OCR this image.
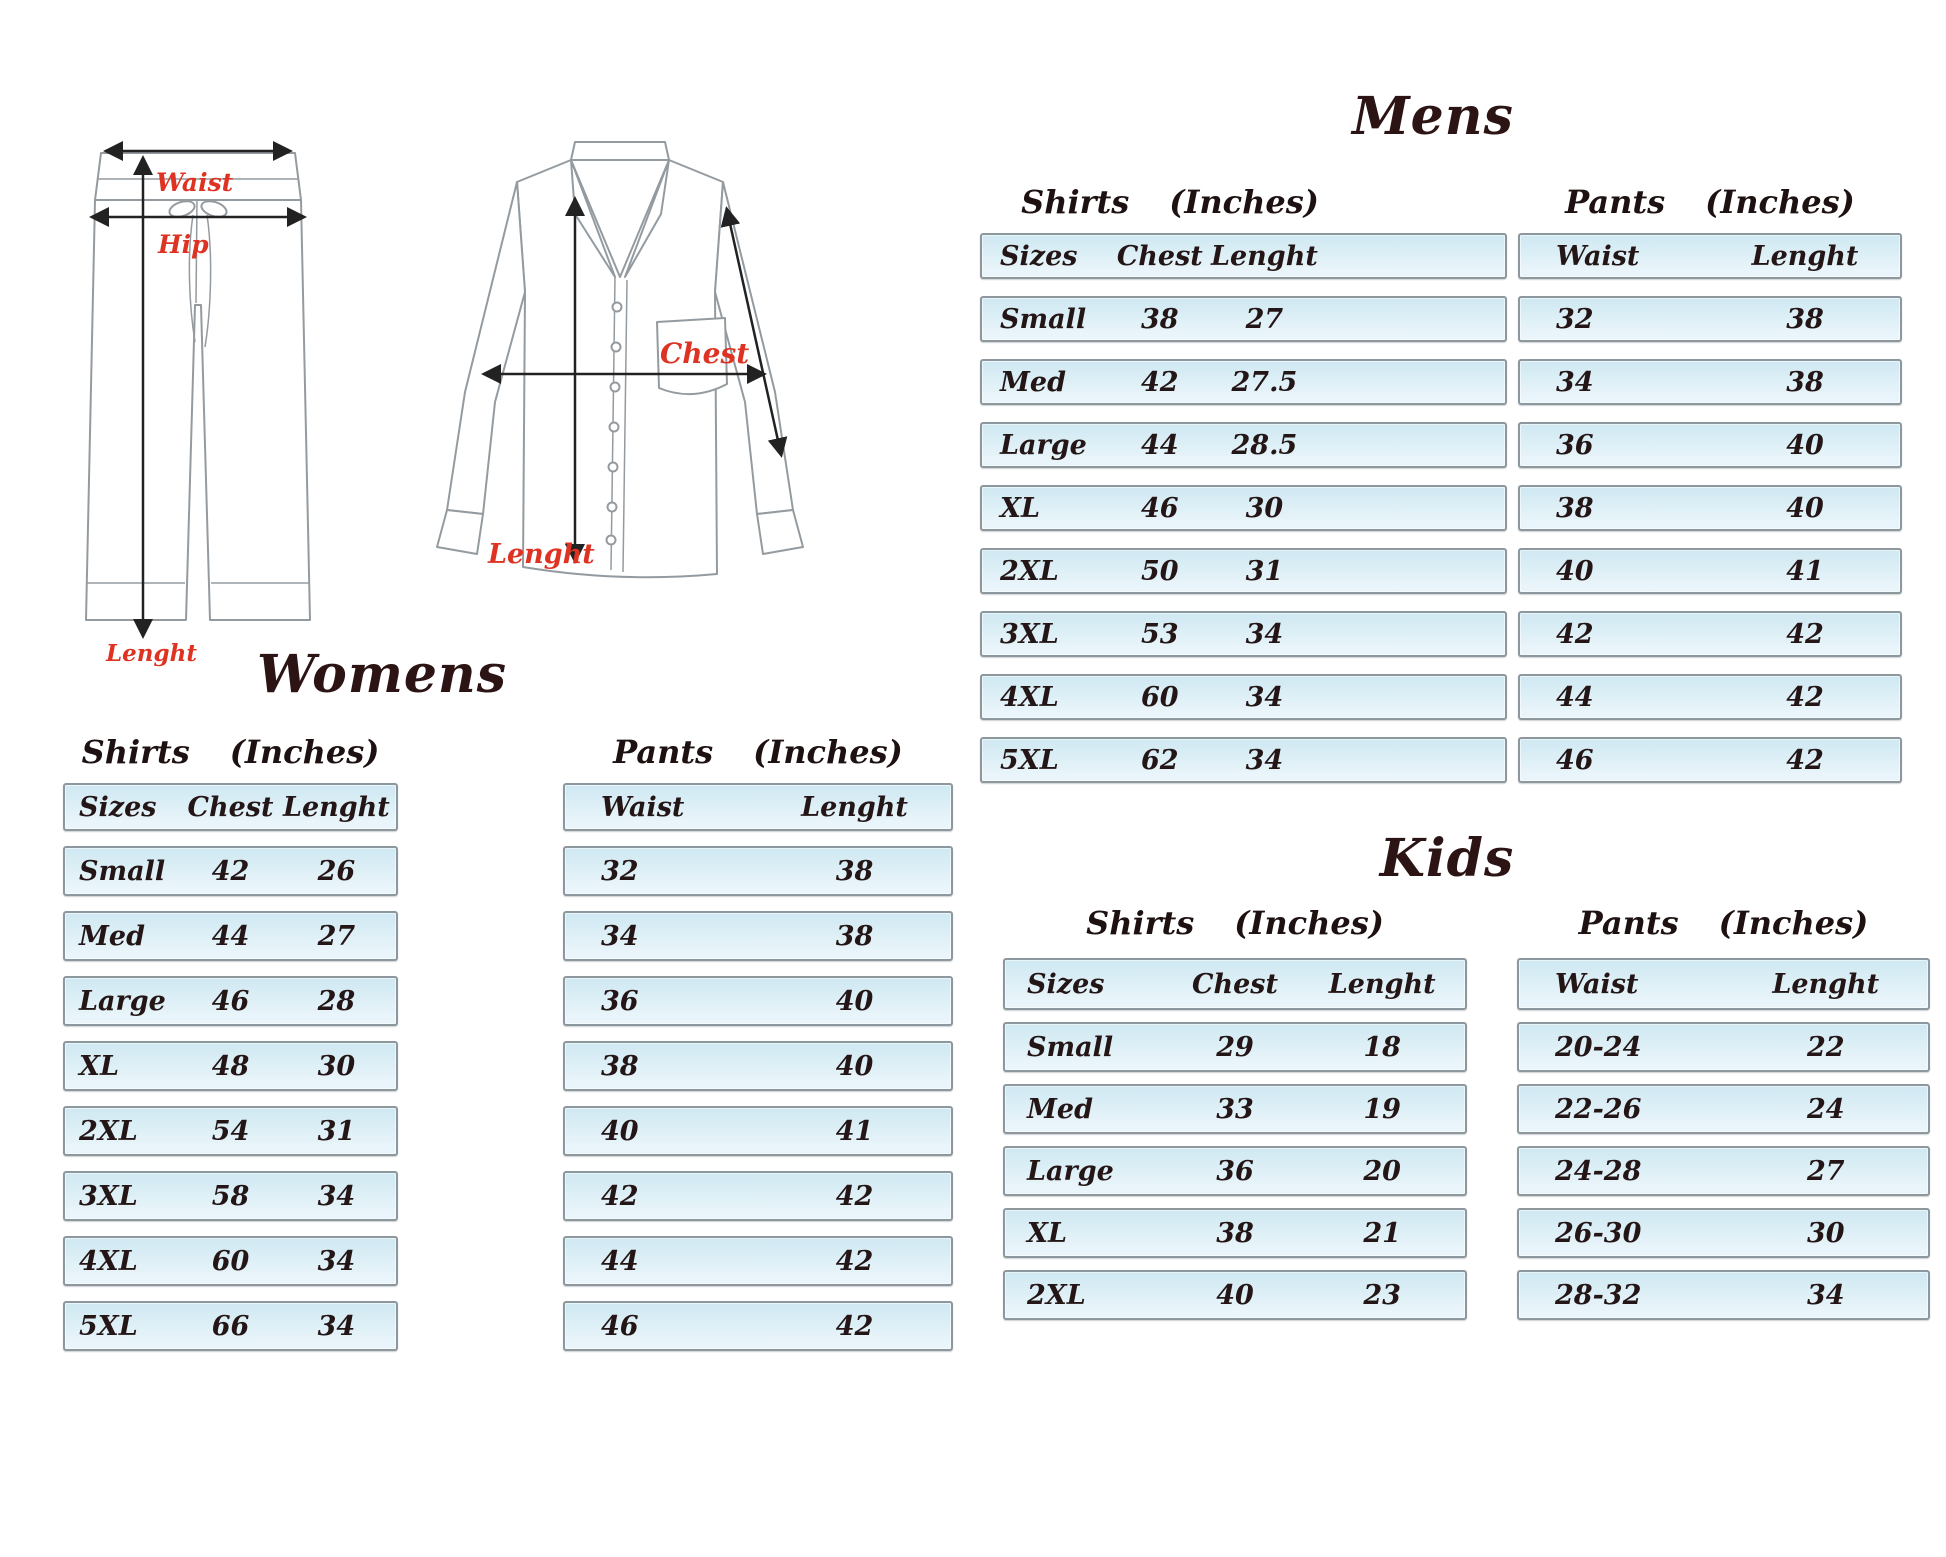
Waist
Hip
Lenght
Chest
Lenght
Mens
Womens
Kids
Shirts (Inches)	Pants (Inches)
Shirts (Inches)	Pants (Inches)
Shirts (Inches)	Pants (Inches)
Sizes Chest Lenght
Small 38 27
Med	42 27.5
Large 44 28.5
XL	46 30
2XL	50 31
3XL	53 34
4XL	60 34
5XL	62 34
Waist	Lenght
32	38
34	38
36	40
38	40
40	41
42	42
44	42
46	42
Sizes Chest Lenght
Small 42	26
Med 44	27
Large 46	28
XL	48	30
2XL	54	31
3XL	58	34
4XL	60	34
5XL	66	34
Waist	Lenght
32	38
34	38
36	40
38	40
40	41
42	42
44	42
46	42
Sizes	Chest Lenght
Small	29	18
Med	33	19
Large	36	20
XL	38	21
2XL	40	23
Waist	Lenght
20-24	22
22-26	24
24-28	27
26-30	30
28-32	34
